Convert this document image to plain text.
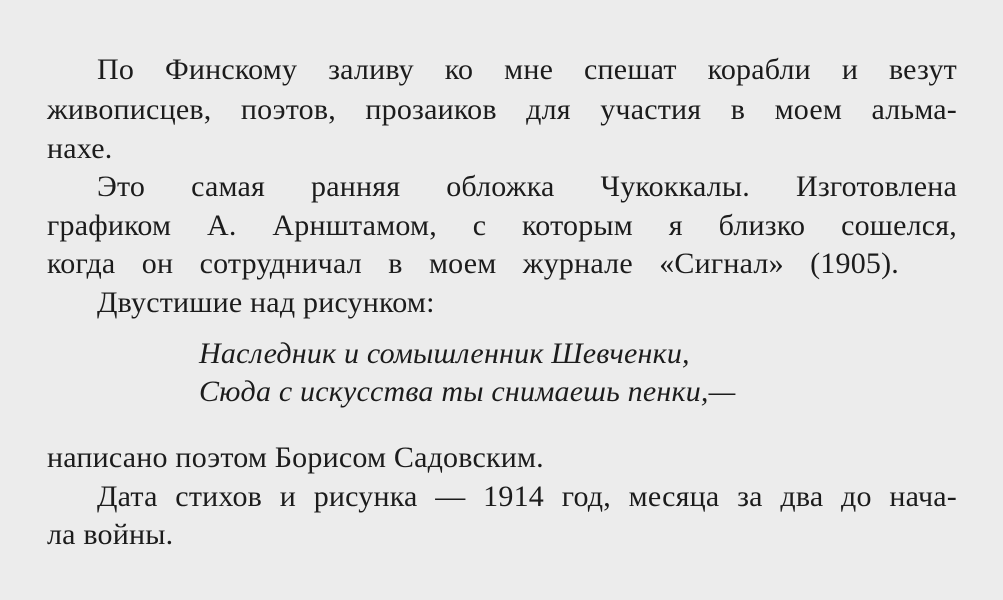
По Финскому заливу ко мне спешат корабли и везут
живописцев, поэтов, прозаиков для участия в моем альма-
нахе.
Это самая ранняя обложка Чукоккалы. Изготовлена
графиком А. Арнштамом, с которым я близко сошелся,
когда он сотрудничал в моем журнале «Сигнал» (1905).
Двустишие над рисунком:
Наследник и сомышленник Шевченки,
Сюда с искусства ты снимаешь пенки,—
написано поэтом Борисом Садовским.
Дата стихов и рисунка — 1914 год, месяца за два до нача-
ла войны.
